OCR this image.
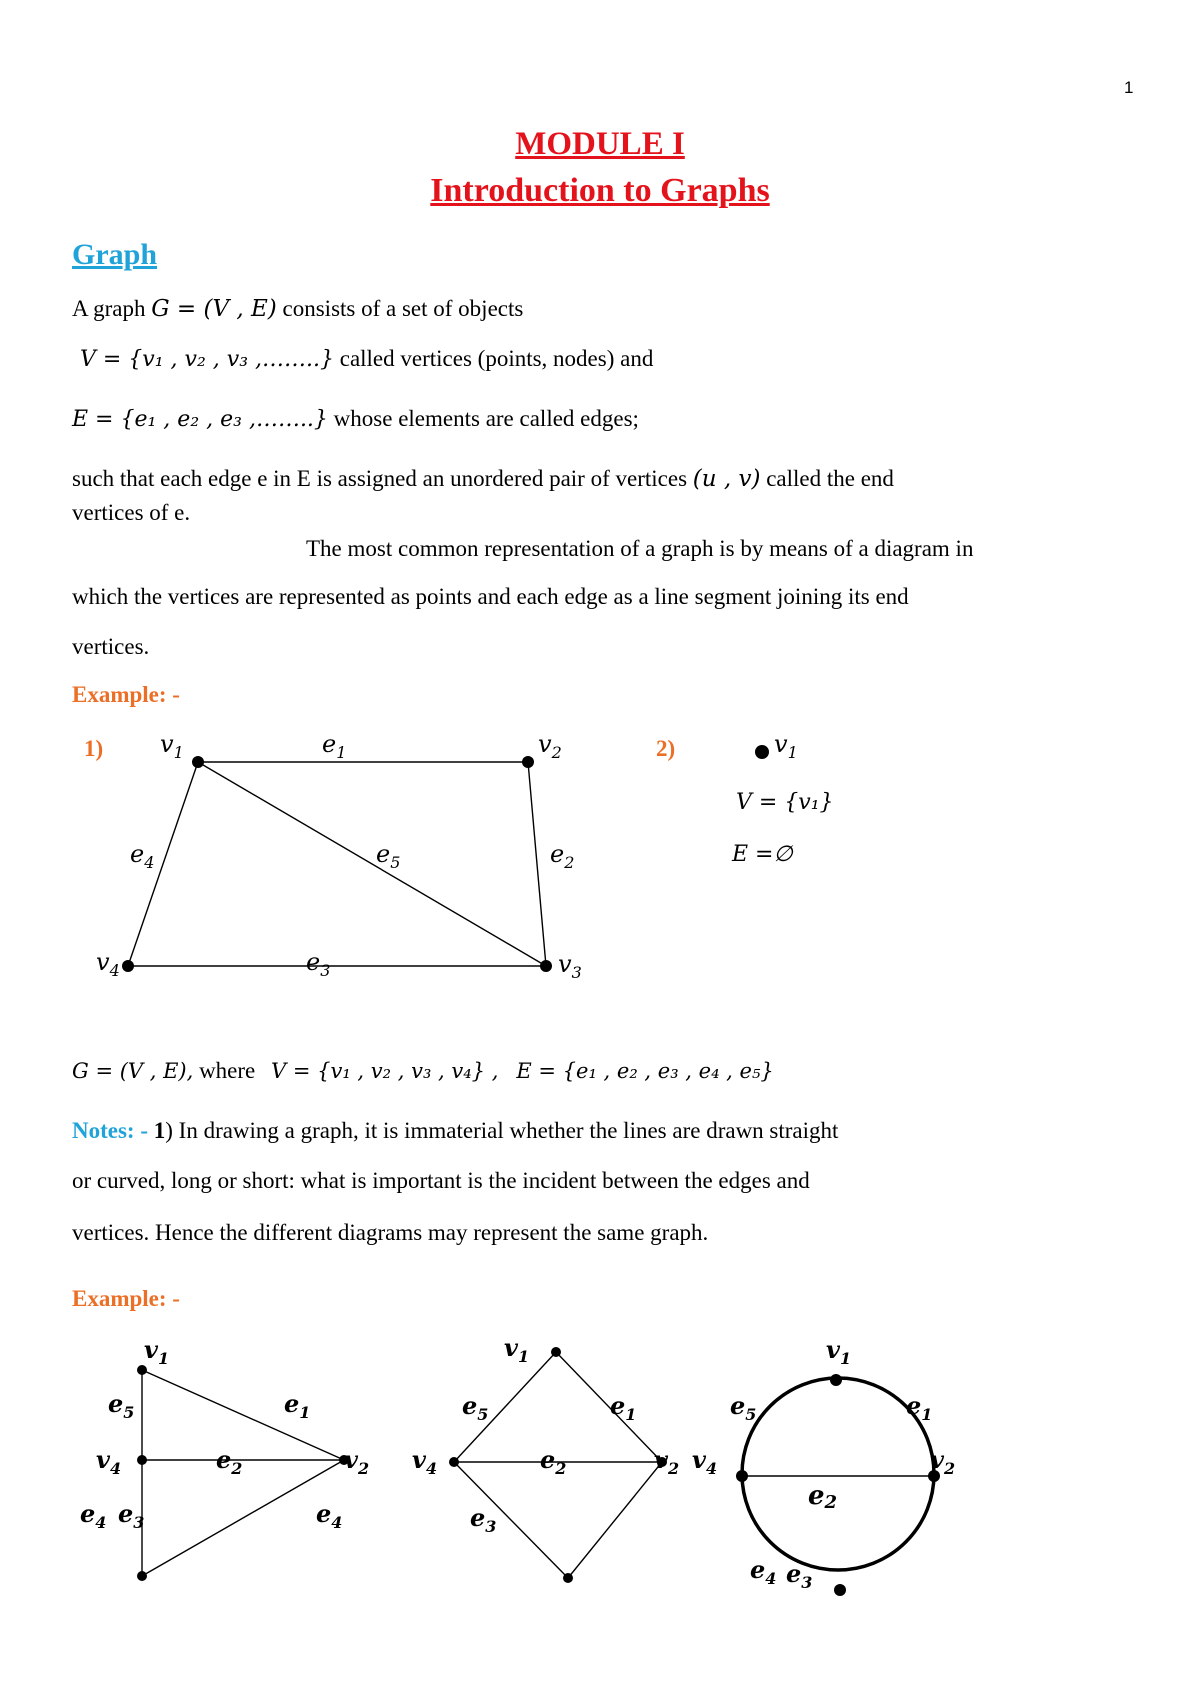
1
MODULE I
Introduction to Graphs
Graph
A graph G = (V , E) consists of a set of objects
V = {v₁ , v₂ , v₃ ,……..} called vertices (points, nodes) and
E = {e₁ , e₂ , e₃ ,……..} whose elements are called edges;
such that each edge e in E is assigned an unordered pair of vertices (u , v) called the end
vertices of e.
The most common representation of a graph is by means of a diagram in
which the vertices are represented as points and each edge as a line segment joining its end
vertices.
Example: -
1)	2)
$v_1$	$e_1$	$v_2$
$e_4$	$e_5$	$e_2$
$v_4$	$e_3$	$v_3$
$v_1$
V = {v₁}
E =∅
G = (V , E), where V = {v₁ , v₂ , v₃ , v₄} , E = {e₁ , e₂ , e₃ , e₄ , e₅}
Notes: - 1) In drawing a graph, it is immaterial whether the lines are drawn straight
or curved, long or short: what is important is the incident between the edges and
vertices. Hence the different diagrams may represent the same graph.
Example: -
$v_1$
$e_5$	$e_1$
$v_4$	$e_2$	$v_2$
$e_4$ $e_3$	$e_4$
$v_1$
$e_5$	$e_1$
$v_4$	$e_2$	$v_2$
$e_3$
$v_1$
$e_5$	$e_1$
$v_4$	$v_2$
e2
$e_4$ $e_3$
